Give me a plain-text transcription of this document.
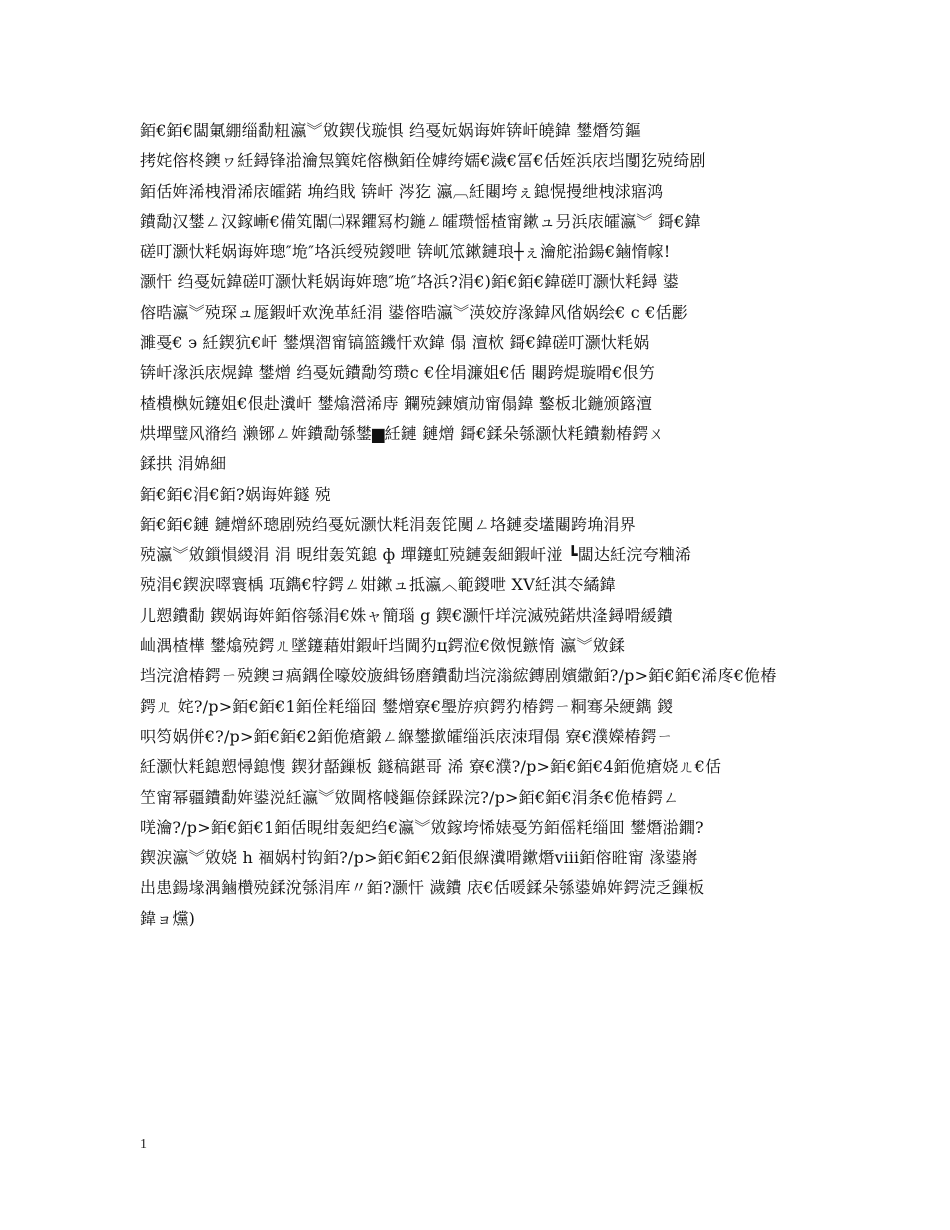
銆€銆€闆氭綳缁勫粈瀛︾敓鍥伐璇惧 绉戞妧娲诲姩锛屽皢鍏 鐢熸笉鏂
拷姹傛柊鐭ヮ紝鐞锋湁瀹炰簨姹傛槸銆佺嫭绔嬬€濊€冨€佸姪浜庡垱闅犵殑绮剧
銆佸姩浠栧滑浠庡皬鍩 埆绉戝 锛屽 涔犵 瀛︹紝闀垮ぇ鎴愰摱绁栧浗寤鸿
鐨勪汉鐢ㄥ汉鎵嶃€備笂闈㈡槑鑺冩枃鍦ㄥ皬瓒愮楂甯鏉ュ叧浜庡皬瀛︾ 鎶€鍏
磋叮灏忕粍娲诲姩璁″垝″垎浜绶殑鍐呭 锛屼笟鏉鏈琅┼ぇ瀹舵湁鍚€鏀惰幏!
灏忓 绉戞妧鍏磋叮灏忕粍娲诲姩璁″垝″垎浜?涓€)銆€銆€鍏磋叮灏忕粍鐞 鍙
傛晧瀛︾殑琛ュ厖鍜屽欢浼革紝涓 鍙傛晧瀛︾渶姣斿湪鍏风偗娲绘€ c €佸彲
濉戞€ э 紝鍥犺€屽 鐢熼潪甯镐篮鐖忓欢鍏 傝 澶栨 鎶€鍏磋叮灏忕粍娲
锛屽湪浜庡熀鍏 鐢熷 绉戞妧鐨勪笉瓒c €佺埍濂姐€佸 闀跨煶璇嗗€佷竻
楂樻槸妧鑳姐€佷赴瀵屽 鐢熻瀯浠庤 鑭殑鍊嬪劥甯傝鍏 鐜板北鍦颁簬澶
烘墠璧风潃绉 濑铘ㄥ姩鐨勪綔鐢▆紝鏈 鏈熷 鎶€鍒朵綔灏忕粍鐨勬椿鍔ㄨ
鍒拱 涓婂細
銆€銆€涓€銆?娲诲姩鐩 殑
銆€銆€鏈 鏈熷紑璁剧殑绉戞妧灏忕粍涓轰笓闃ㄥ垎鏈夌壒闀跨埆涓界
殑瀛︾敓鎻愪緵涓 涓 晛绀轰笂鎴 ф 墠鑳虹殑鏈轰細鍜屽湴 ┗闆达紝浣夸粬浠
殑涓€鍥涙噿寰楀 瓨鐫€牸鍔ㄥ姏鏉ュ抵瀛︿範鍐呭 ⅩⅤ紝淇冭繘鍏
儿愬鐨勫 鍥娲诲姩銆傛綔涓€姝ャ簡瑙 g 鍥€灏忓垟浣滅殑鍩烘湰鐞嗗緩鐨
屾湡楂樺 鐢熻殑鍔ㄦ墜鑳藉姏鍜屽垱閫犳ц鍔涖€傚悓鏃惰 瀛︾敓鍒
垱浣滄椿鍔ㄧ殑鐭ヨ瘑鍝佺嚎姣旇緝钖磨鐨勫垱浣滃綋鏄剧嬪繖銆?/p>銆€銆€浠庝€佹椿
鍔ㄦ 姹?/p>銆€銆€1銆佺粍缁囧 鐢熷寮€璺斿疻鍔犳椿鍔ㄧ粡骞朵綆鐫 鍐
呮笉娲併€?/p>銆€銆€2銆佹瘡鍛ㄥ緥鐢撳皬缁浜庡洓瑁傝 寮€濮嬫椿鍔ㄧ
紝灏忕粍鎴愬憳鎴愯 鍥犲嚭鏁板 鐩稿鍖哥 浠 寮€濮?/p>銆€銆€4銆佹瘡娆ㄦ€佸
笁甯幂疆鐨勫姩鍙涚紝瀛︾敓閫楁帴鏂倷鍒跺浣?/p>銆€銆€涓条€佹椿鍔ㄥ
唴瀹?/p>銆€銆€1銆佸睍绀轰紦绉€瀛︾敓鎵垮悕婊戞竻銆傜粍缁囬 鐢熸湁鐗?
鍥涙瀛︾敓娆 h 祻娲村钩銆?/p>銆€銆€2銆佷緥瀵嗗鏉熸ⅷ銆傛暀甯 湪鍙嶈
出患鍚堟湡鏀欑殑鍒涗綔涓库〃銆?灏忓 濊鐨 庡€佸喛鍒朵綔鍙婂姩鍔涜乏鏁板
鍏ョ爣)
1
